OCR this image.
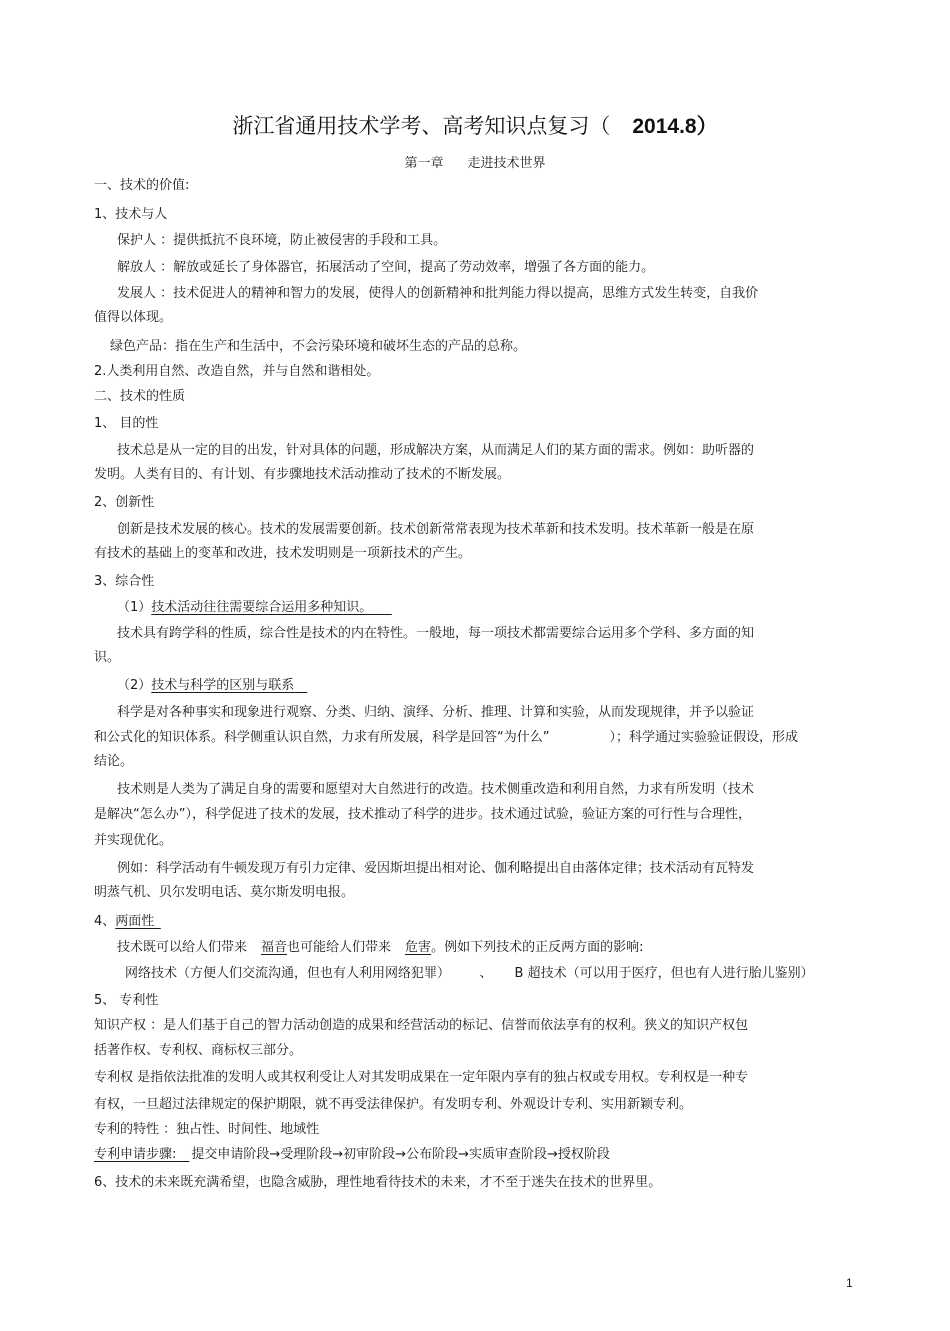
浙江省通用技术学考、高考知识点复习（ 2014.8）
第一章 走进技术世界
一、技术的价值:
1、技术与人
保护人 ：提供抵抗不良环境，防止被侵害的手段和工具。
解放人 ：解放或延长了身体器官，拓展活动了空间，提高了劳动效率，增强了各方面的能力。
发展人 ：技术促进人的精神和智力的发展，使得人的创新精神和批判能力得以提高，思维方式发生转变，自我价
值得以体现。
绿色产品：指在生产和生活中，不会污染环境和破坏生态的产品的总称。
2.人类利用自然、改造自然，并与自然和谐相处。
二、技术的性质
1、 目的性
技术总是从一定的目的出发，针对具体的问题，形成解决方案，从而满足人们的某方面的需求。例如：助听器的
发明。人类有目的、有计划、有步骤地技术活动推动了技术的不断发展。
2、创新性
创新是技术发展的核心。技术的发展需要创新。技术创新常常表现为技术革新和技术发明。技术革新一般是在原
有技术的基础上的变革和改进，技术发明则是一项新技术的产生。
3、综合性
（1）技术活动往往需要综合运用多种知识。   
技术具有跨学科的性质，综合性是技术的内在特性。一般地，每一项技术都需要综合运用多个学科、多方面的知
识。
（2）技术与科学的区别与联系  
科学是对各种事实和现象进行观察、分类、归纳、演绎、分析、推理、计算和实验，从而发现规律，并予以验证
和公式化的知识体系。科学侧重认识自然，力求有所发展，科学是回答“为什么”	）；科学通过实验验证假设，形成
结论。
技术则是人类为了满足自身的需要和愿望对大自然进行的改造。技术侧重改造和利用自然，力求有所发明（技术
是解决“怎么办”），科学促进了技术的发展，技术推动了科学的进步。技术通过试验，验证方案的可行性与合理性，
并实现优化。
例如：科学活动有牛顿发现万有引力定律、爱因斯坦提出相对论、伽利略提出自由落体定律；技术活动有瓦特发
明蒸气机、贝尔发明电话、莫尔斯发明电报。
4、两面性 
技术既可以给人们带来 福音也可能给人们带来 危害。例如下列技术的正反两方面的影响:
网络技术（方便人们交流沟通，但也有人利用网络犯罪）	、 B 超技术（可以用于医疗，但也有人进行胎儿鉴别）
5、 专利性
知识产权 ：是人们基于自己的智力活动创造的成果和经营活动的标记、信誉而依法享有的权利。狭义的知识产权包
括著作权、专利权、商标权三部分。
专利权 是指依法批准的发明人或其权利受让人对其发明成果在一定年限内享有的独占权或专用权。专利权是一种专
有权，一旦超过法律规定的保护期限，就不再受法律保护。有发明专利、外观设计专利、实用新颖专利。
专利的特性 ：独占性、时间性、地域性
专利申请步骤:   提交申请阶段→受理阶段→初审阶段→公布阶段→实质审查阶段→授权阶段
6、技术的未来既充满希望，也隐含威胁，理性地看待技术的未来，才不至于迷失在技术的世界里。
1
